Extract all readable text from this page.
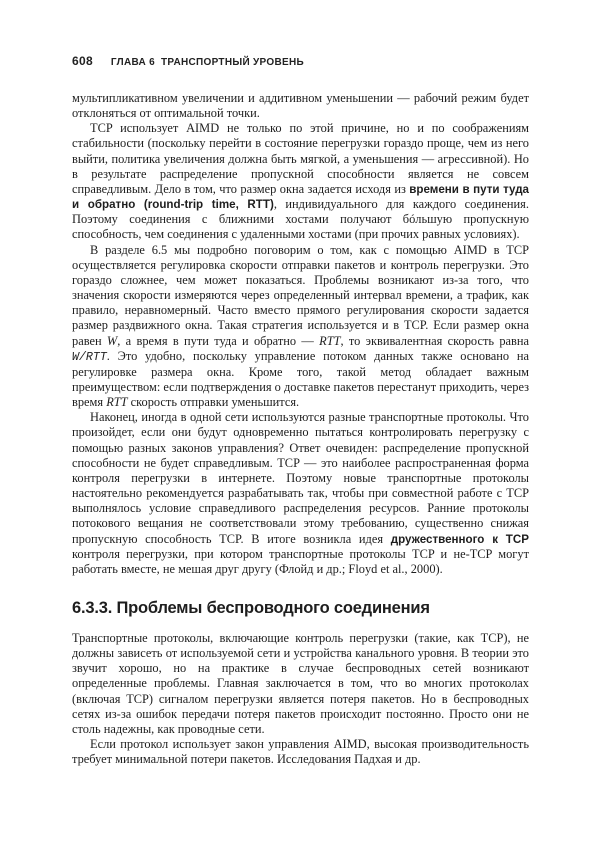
608 ГЛАВА 6 ТРАНСПОРТНЫЙ УРОВЕНЬ

мультипликативном увеличении и аддитивном уменьшении — рабочий режим будет отклоняться от оптимальной точки.

TCP использует AIMD не только по этой причине, но и по соображениям стабильности (поскольку перейти в состояние перегрузки гораздо проще, чем из него выйти, политика увеличения должна быть мягкой, а уменьшения — агрессивной). Но в результате распределение пропускной способности является не совсем справедливым. Дело в том, что размер окна задается исходя из времени в пути туда и обратно (round-trip time, RTT), индивидуального для каждого соединения. Поэтому соединения с ближними хостами получают бóльшую пропускную способность, чем соединения с удаленными хостами (при прочих равных условиях).

В разделе 6.5 мы подробно поговорим о том, как с помощью AIMD в TCP осуществляется регулировка скорости отправки пакетов и контроль перегрузки. Это гораздо сложнее, чем может показаться. Проблемы возникают из-за того, что значения скорости измеряются через определенный интервал времени, а трафик, как правило, неравномерный. Часто вместо прямого регулирования скорости задается размер раздвижного окна. Такая стратегия используется и в TCP. Если размер окна равен W, а время в пути туда и обратно — RTT, то эквивалентная скорость равна W/RTT. Это удобно, поскольку управление потоком данных также основано на регулировке размера окна. Кроме того, такой метод обладает важным преимуществом: если подтверждения о доставке пакетов перестанут приходить, через время RTT скорость отправки уменьшится.

Наконец, иногда в одной сети используются разные транспортные протоколы. Что произойдет, если они будут одновременно пытаться контролировать перегрузку с помощью разных законов управления? Ответ очевиден: распределение пропускной способности не будет справедливым. TCP — это наиболее распространенная форма контроля перегрузки в интернете. Поэтому новые транспортные протоколы настоятельно рекомендуется разрабатывать так, чтобы при совместной работе с TCP выполнялось условие справедливого распределения ресурсов. Ранние протоколы потокового вещания не соответствовали этому требованию, существенно снижая пропускную способность TCP. В итоге возникла идея дружественного к TCP контроля перегрузки, при котором транспортные протоколы TCP и не-TCP могут работать вместе, не мешая друг другу (Флойд и др.; Floyd et al., 2000).

6.3.3. Проблемы беспроводного соединения

Транспортные протоколы, включающие контроль перегрузки (такие, как TCP), не должны зависеть от используемой сети и устройства канального уровня. В теории это звучит хорошо, но на практике в случае беспроводных сетей возникают определенные проблемы. Главная заключается в том, что во многих протоколах (включая TCP) сигналом перегрузки является потеря пакетов. Но в беспроводных сетях из-за ошибок передачи потеря пакетов происходит постоянно. Просто они не столь надежны, как проводные сети.

Если протокол использует закон управления AIMD, высокая производительность требует минимальной потери пакетов. Исследования Падхая и др.
